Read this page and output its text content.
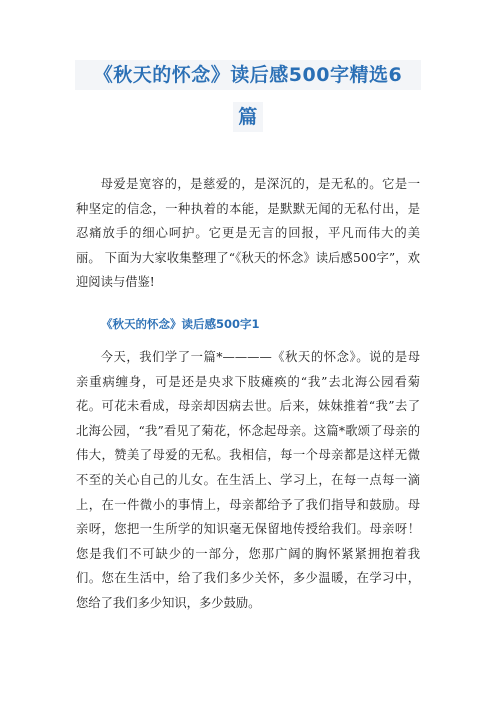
《秋天的怀念》读后感500字精选6
篇

母爱是宽容的，是慈爱的，是深沉的，是无私的。它是一种坚定的信念，一种执着的本能，是默默无闻的无私付出，是忍痛放手的细心呵护。它更是无言的回报，平凡而伟大的美丽。 下面为大家收集整理了“《秋天的怀念》读后感500字”，欢迎阅读与借鉴!

《秋天的怀念》读后感500字1

今天，我们学了一篇*————《秋天的怀念》。说的是母亲重病缠身，可是还是央求下肢瘫痪的“我”去北海公园看菊花。可花未看成，母亲却因病去世。后来，妹妹推着“我”去了北海公园，“我”看见了菊花，怀念起母亲。这篇*歌颂了母亲的伟大，赞美了母爱的无私。我相信，每一个母亲都是这样无微不至的关心自己的儿女。在生活上、学习上，在每一点每一滴上，在一件微小的事情上，母亲都给予了我们指导和鼓励。母亲呀，您把一生所学的知识毫无保留地传授给我们。母亲呀！您是我们不可缺少的一部分，您那广阔的胸怀紧紧拥抱着我们。您在生活中，给了我们多少关怀，多少温暖，在学习中，您给了我们多少知识，多少鼓励。
